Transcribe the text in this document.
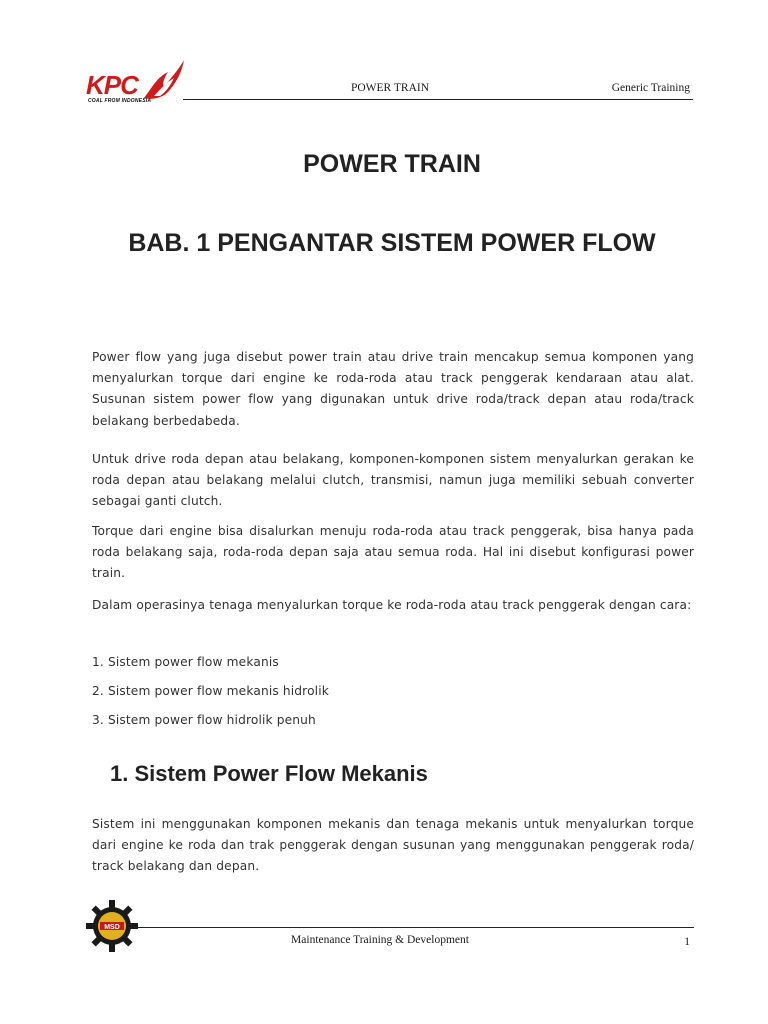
KPC
COAL FROM INDONESIA
POWER TRAIN	Generic Training
POWER TRAIN
BAB. 1 PENGANTAR SISTEM POWER FLOW
Power flow yang juga disebut power train atau drive train mencakup semua komponen yang menyalurkan torque dari engine ke roda-roda atau track penggerak kendaraan atau alat. Susunan sistem power flow yang digunakan untuk drive roda/track depan atau roda/track belakang berbedabeda.
Untuk drive roda depan atau belakang, komponen-komponen sistem menyalurkan gerakan ke roda depan atau belakang melalui clutch, transmisi, namun juga memiliki sebuah converter sebagai ganti clutch.
Torque dari engine bisa disalurkan menuju roda-roda atau track penggerak, bisa hanya pada roda belakang saja, roda-roda depan saja atau semua roda. Hal ini disebut konfigurasi power train.
Dalam operasinya tenaga menyalurkan torque ke roda-roda atau track penggerak dengan cara:
1. Sistem power flow mekanis
2. Sistem power flow mekanis hidrolik
3. Sistem power flow hidrolik penuh
1. Sistem Power Flow Mekanis
Sistem ini menggunakan komponen mekanis dan tenaga mekanis untuk menyalurkan torque dari engine ke roda dan trak penggerak dengan susunan yang menggunakan penggerak roda/ track belakang dan depan.
MSD
Maintenance Training & Development	1
